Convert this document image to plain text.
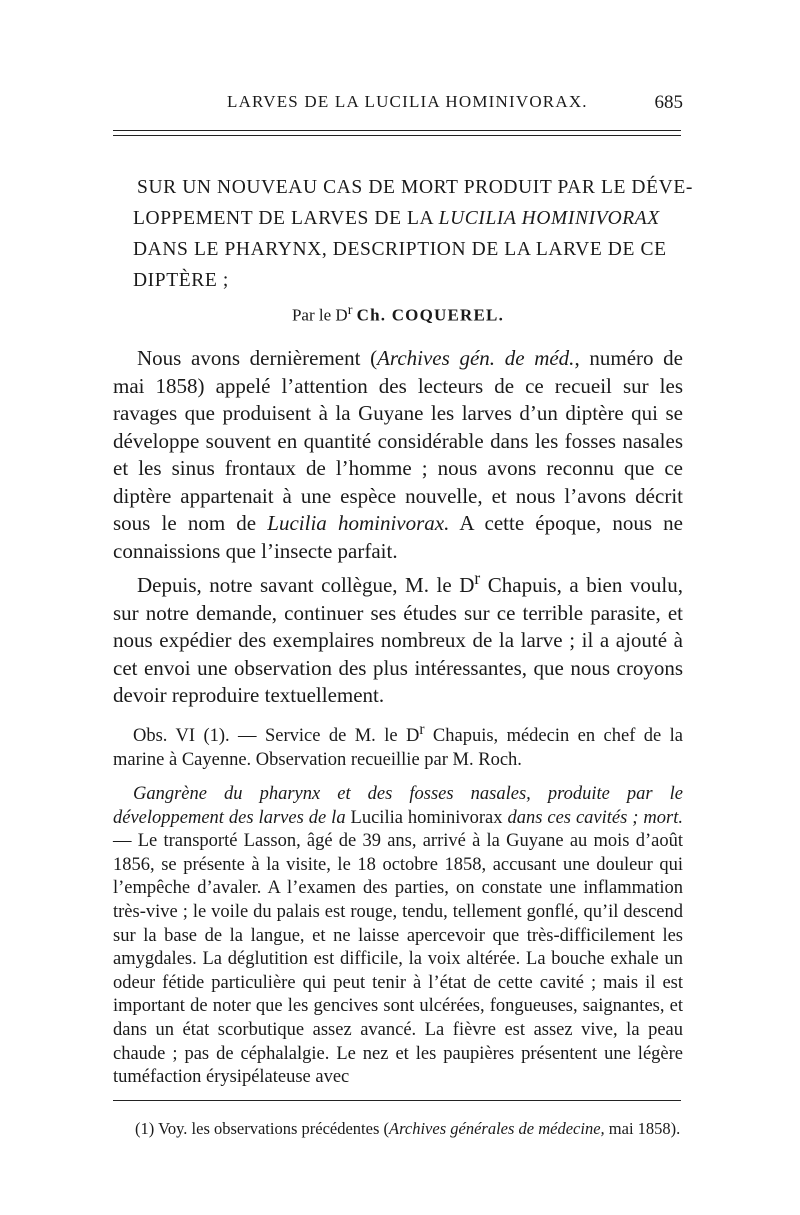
LARVES DE LA LUCILIA HOMINIVORAX.	685
SUR UN NOUVEAU CAS DE MORT PRODUIT PAR LE DÉVE-
LOPPEMENT DE LARVES DE LA LUCILIA HOMINIVORAX
DANS LE PHARYNX, DESCRIPTION DE LA LARVE DE CE
DIPTÈRE ;
Par le $D^r$ Ch. COQUEREL.

Nous avons dernièrement (Archives gén. de méd., numéro de mai 1858) appelé l’attention des lecteurs de ce recueil sur les ravages que produisent à la Guyane les larves d’un diptère qui se développe souvent en quantité considérable dans les fosses nasales et les sinus frontaux de l’homme ; nous avons reconnu que ce diptère appartenait à une espèce nouvelle, et nous l’avons décrit sous le nom de Lucilia hominivorax. A cette époque, nous ne connaissions que l’insecte parfait.

Depuis, notre savant collègue, M. le $D^r$ Chapuis, a bien voulu, sur notre demande, continuer ses études sur ce terrible parasite, et nous expédier des exemplaires nombreux de la larve ; il a ajouté à cet envoi une observation des plus intéressantes, que nous croyons devoir reproduire textuellement.

Obs. VI (1). — Service de M. le $D^r$ Chapuis, médecin en chef de la marine à Cayenne. Observation recueillie par M. Roch.

Gangrène du pharynx et des fosses nasales, produite par le développement des larves de la Lucilia hominivorax dans ces cavités ; mort. — Le transporté Lasson, âgé de 39 ans, arrivé à la Guyane au mois d’août 1856, se présente à la visite, le 18 octobre 1858, accusant une douleur qui l’empêche d’avaler. A l’examen des parties, on constate une inflammation très-vive ; le voile du palais est rouge, tendu, tellement gonflé, qu’il descend sur la base de la langue, et ne laisse apercevoir que très-difficilement les amygdales. La déglutition est difficile, la voix altérée. La bouche exhale un odeur fétide particulière qui peut tenir à l’état de cette cavité ; mais il est important de noter que les gencives sont ulcérées, fongueuses, saignantes, et dans un état scorbutique assez avancé. La fièvre est assez vive, la peau chaude ; pas de céphalalgie. Le nez et les paupières présentent une légère tuméfaction érysipélateuse avec

(1) Voy. les observations précédentes (Archives générales de médecine, mai 1858).
